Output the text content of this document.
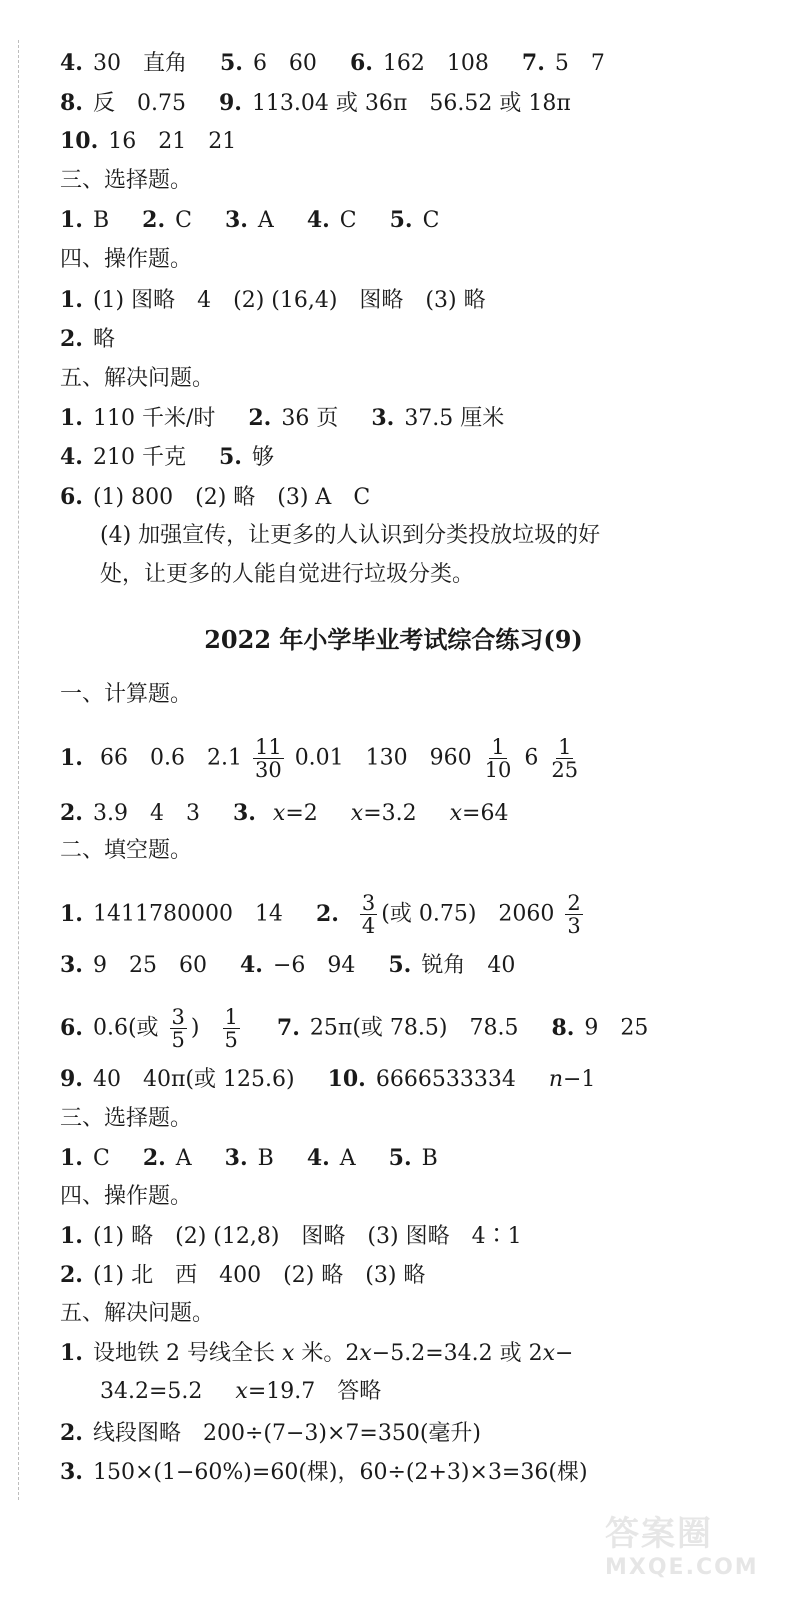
4. 30　直角 5. 6　60 6. 162　108 7. 5　7
8. 反　0.75 9. 113.04 或 36π　56.52 或 18π
10. 16　21　21
三、选择题。
1. B 2. C 3. A 4. C 5. C
四、操作题。
1. (1) 图略　4　(2) (16,4)　图略　(3) 略
2. 略
五、解决问题。
1. 110 千米/时 2. 36 页 3. 37.5 厘米
4. 210 千克 5. 够
6. (1) 800　(2) 略　(3) A　C
(4) 加强宣传，让更多的人认识到分类投放垃圾的好
处，让更多的人能自觉进行垃圾分类。
2022 年小学毕业考试综合练习(9)
一、计算题。
1. 66　0.6　$2.1 \frac{11}{30} 0.01$　130　$960 \frac{1}{10} 6 \frac{1}{25}$
2. 3.9　4　3 3. x=2 x=3.2 x=64
二、填空题。
1. 1411780000　14 2. $\frac{3}{4}$ (或 0.75)　$2060 \frac{2}{3}$
3. 9　25　60 4. −6　94 5. 锐角　40
6. 0.6(或 $\frac{3}{5}$ ) $\frac{1}{5} 7$. 25π(或 78.5)　78.5 8. 9　25
9. 40　40π(或 125.6) 10. 6666533334 n−1
三、选择题。
1. C 2. A 3. B 4. A 5. B
四、操作题。
1. (1) 略　(2) (12,8)　图略　(3) 图略　4∶1
2. (1) 北　西　400　(2) 略　(3) 略
五、解决问题。
1. 设地铁 2 号线全长 x 米。2x−5.2=34.2 或 2x−
34.2=5.2 x=19.7　答略
2. 线段图略　200÷(7−3)×7=350(毫升)
3. 150×(1−60%)=60(棵)，60÷(2+3)×3=36(棵)
答案圈
MXQE.COM
